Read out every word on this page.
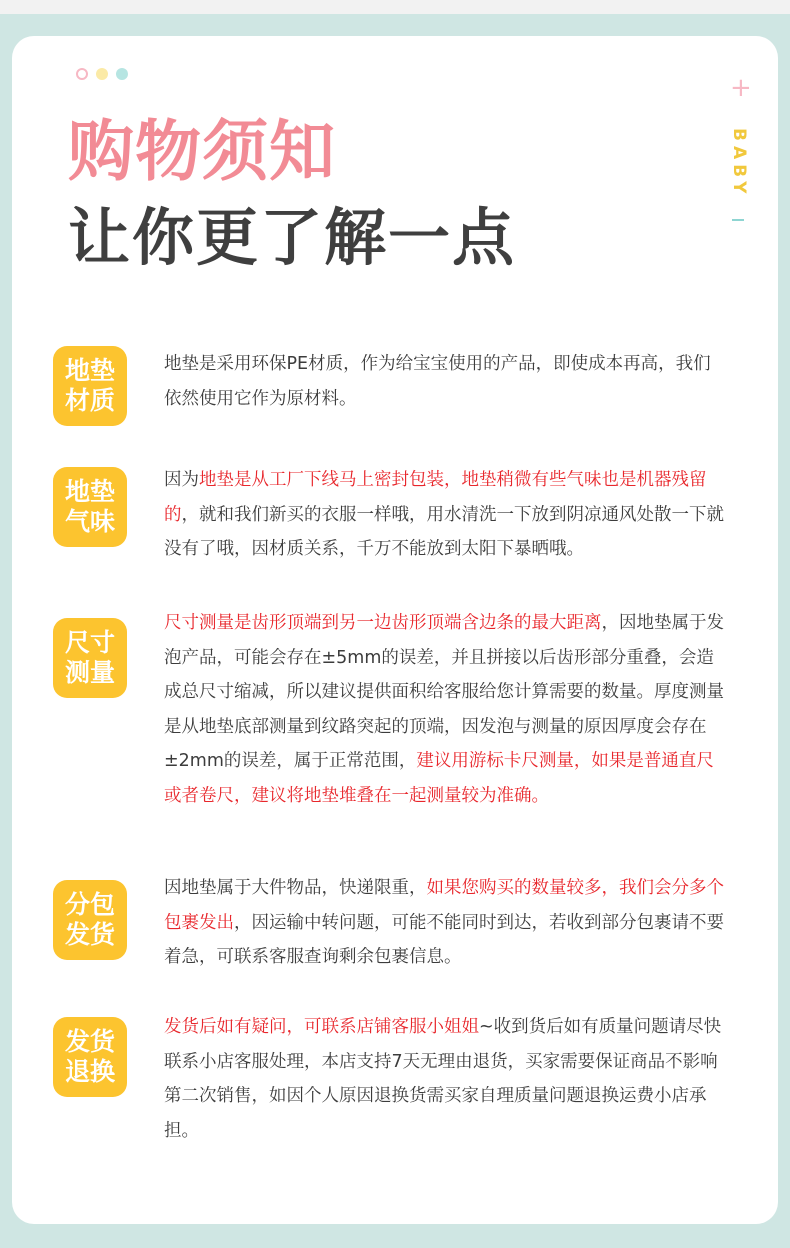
购物须知
让你更了解一点
+
BABY
地垫
材质
地垫是采用环保PE材质，作为给宝宝使用的产品，即使成本再高，我们依然使用它作为原材料。
地垫
气味
因为地垫是从工厂下线马上密封包装，地垫稍微有些气味也是机器残留的，就和我们新买的衣服一样哦，用水清洗一下放到阴凉通风处散一下就没有了哦，因材质关系，千万不能放到太阳下暴晒哦。
尺寸
测量
尺寸测量是齿形顶端到另一边齿形顶端含边条的最大距离，因地垫属于发泡产品，可能会存在±5mm的误差，并且拼接以后齿形部分重叠，会造成总尺寸缩减，所以建议提供面积给客服给您计算需要的数量。厚度测量是从地垫底部测量到纹路突起的顶端，因发泡与测量的原因厚度会存在±2mm的误差，属于正常范围，建议用游标卡尺测量，如果是普通直尺或者卷尺，建议将地垫堆叠在一起测量较为准确。
分包
发货
因地垫属于大件物品，快递限重，如果您购买的数量较多，我们会分多个包裹发出，因运输中转问题，可能不能同时到达，若收到部分包裹请不要着急，可联系客服查询剩余包裹信息。
发货
退换
发货后如有疑问，可联系店铺客服小姐姐~收到货后如有质量问题请尽快联系小店客服处理，本店支持7天无理由退货，买家需要保证商品不影响第二次销售，如因个人原因退换货需买家自理质量问题退换运费小店承担。
